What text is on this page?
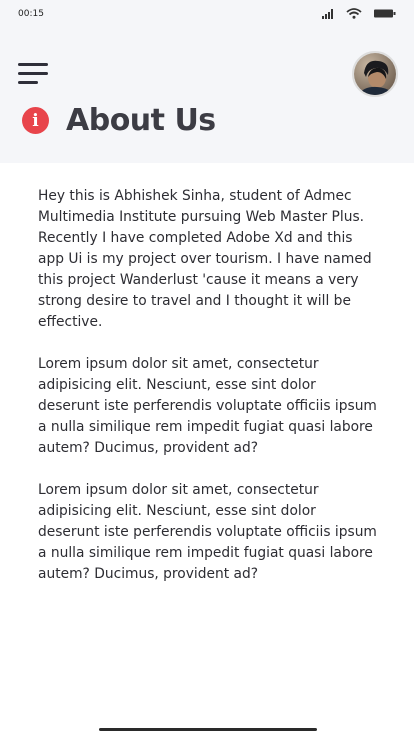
00:15
i About Us

Hey this is Abhishek Sinha, student of Admec Multimedia Institute pursuing Web Master Plus. Recently I have completed Adobe Xd and this app Ui is my project over tourism. I have named this project Wanderlust 'cause it means a very strong desire to travel and I thought it will be effective.

Lorem ipsum dolor sit amet, consectetur adipisicing elit. Nesciunt, esse sint dolor deserunt iste perferendis voluptate officiis ipsum a nulla similique rem impedit fugiat quasi labore autem? Ducimus, provident ad?

Lorem ipsum dolor sit amet, consectetur adipisicing elit. Nesciunt, esse sint dolor deserunt iste perferendis voluptate officiis ipsum a nulla similique rem impedit fugiat quasi labore autem? Ducimus, provident ad?
